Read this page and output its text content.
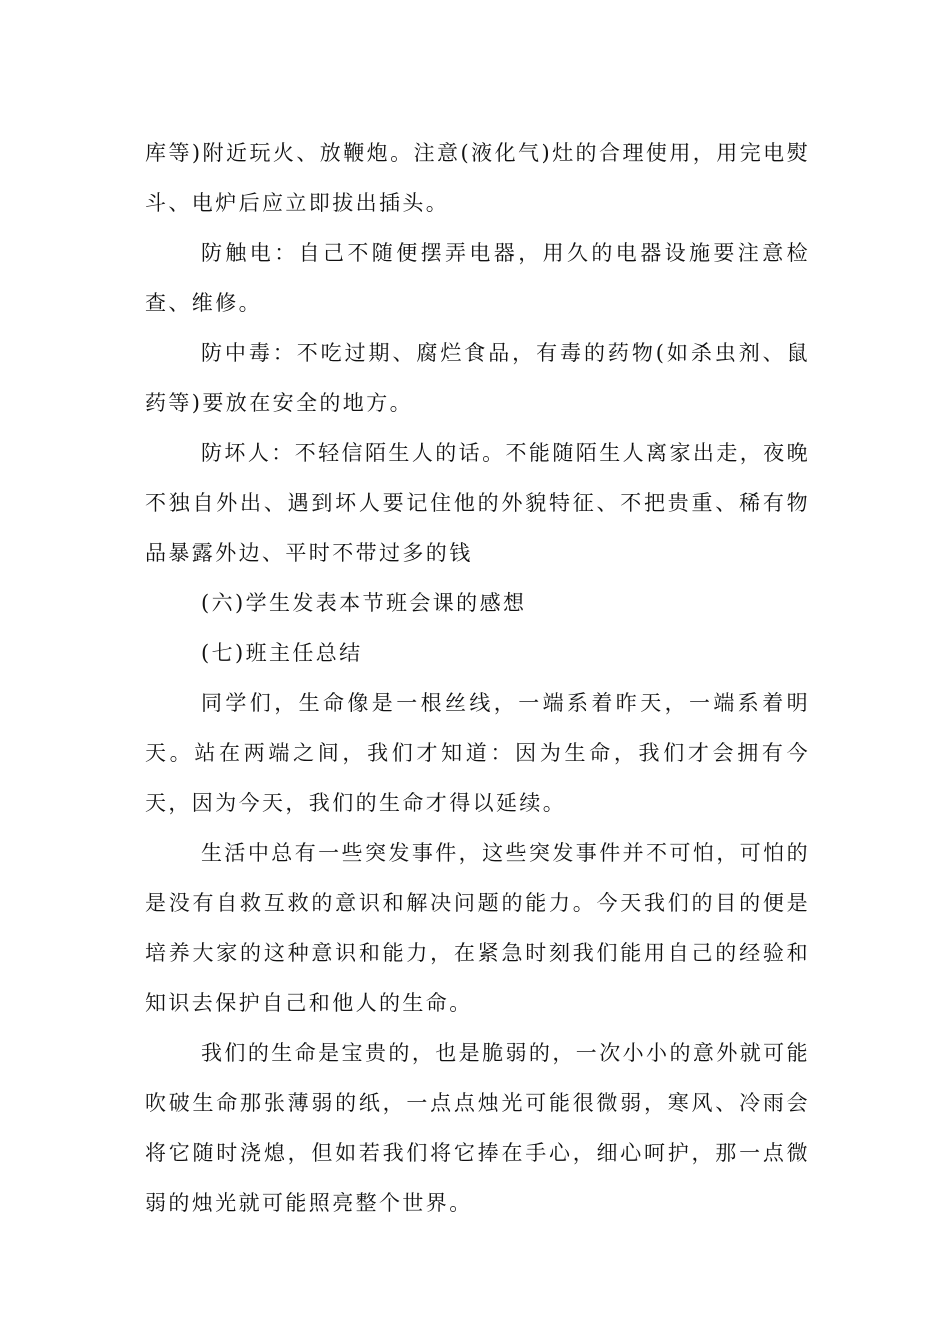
库等)附近玩火、放鞭炮。注意(液化气)灶的合理使用，用完电熨斗、电炉后应立即拔出插头。

防触电：自己不随便摆弄电器，用久的电器设施要注意检查、维修。

防中毒：不吃过期、腐烂食品，有毒的药物(如杀虫剂、鼠药等)要放在安全的地方。

防坏人：不轻信陌生人的话。不能随陌生人离家出走，夜晚不独自外出、遇到坏人要记住他的外貌特征、不把贵重、稀有物品暴露外边、平时不带过多的钱

(六)学生发表本节班会课的感想

(七)班主任总结

同学们，生命像是一根丝线，一端系着昨天，一端系着明天。站在两端之间，我们才知道：因为生命，我们才会拥有今天，因为今天，我们的生命才得以延续。

生活中总有一些突发事件，这些突发事件并不可怕，可怕的是没有自救互救的意识和解决问题的能力。今天我们的目的便是培养大家的这种意识和能力，在紧急时刻我们能用自己的经验和知识去保护自己和他人的生命。

我们的生命是宝贵的，也是脆弱的，一次小小的意外就可能吹破生命那张薄弱的纸，一点点烛光可能很微弱，寒风、冷雨会将它随时浇熄，但如若我们将它捧在手心，细心呵护，那一点微弱的烛光就可能照亮整个世界。
